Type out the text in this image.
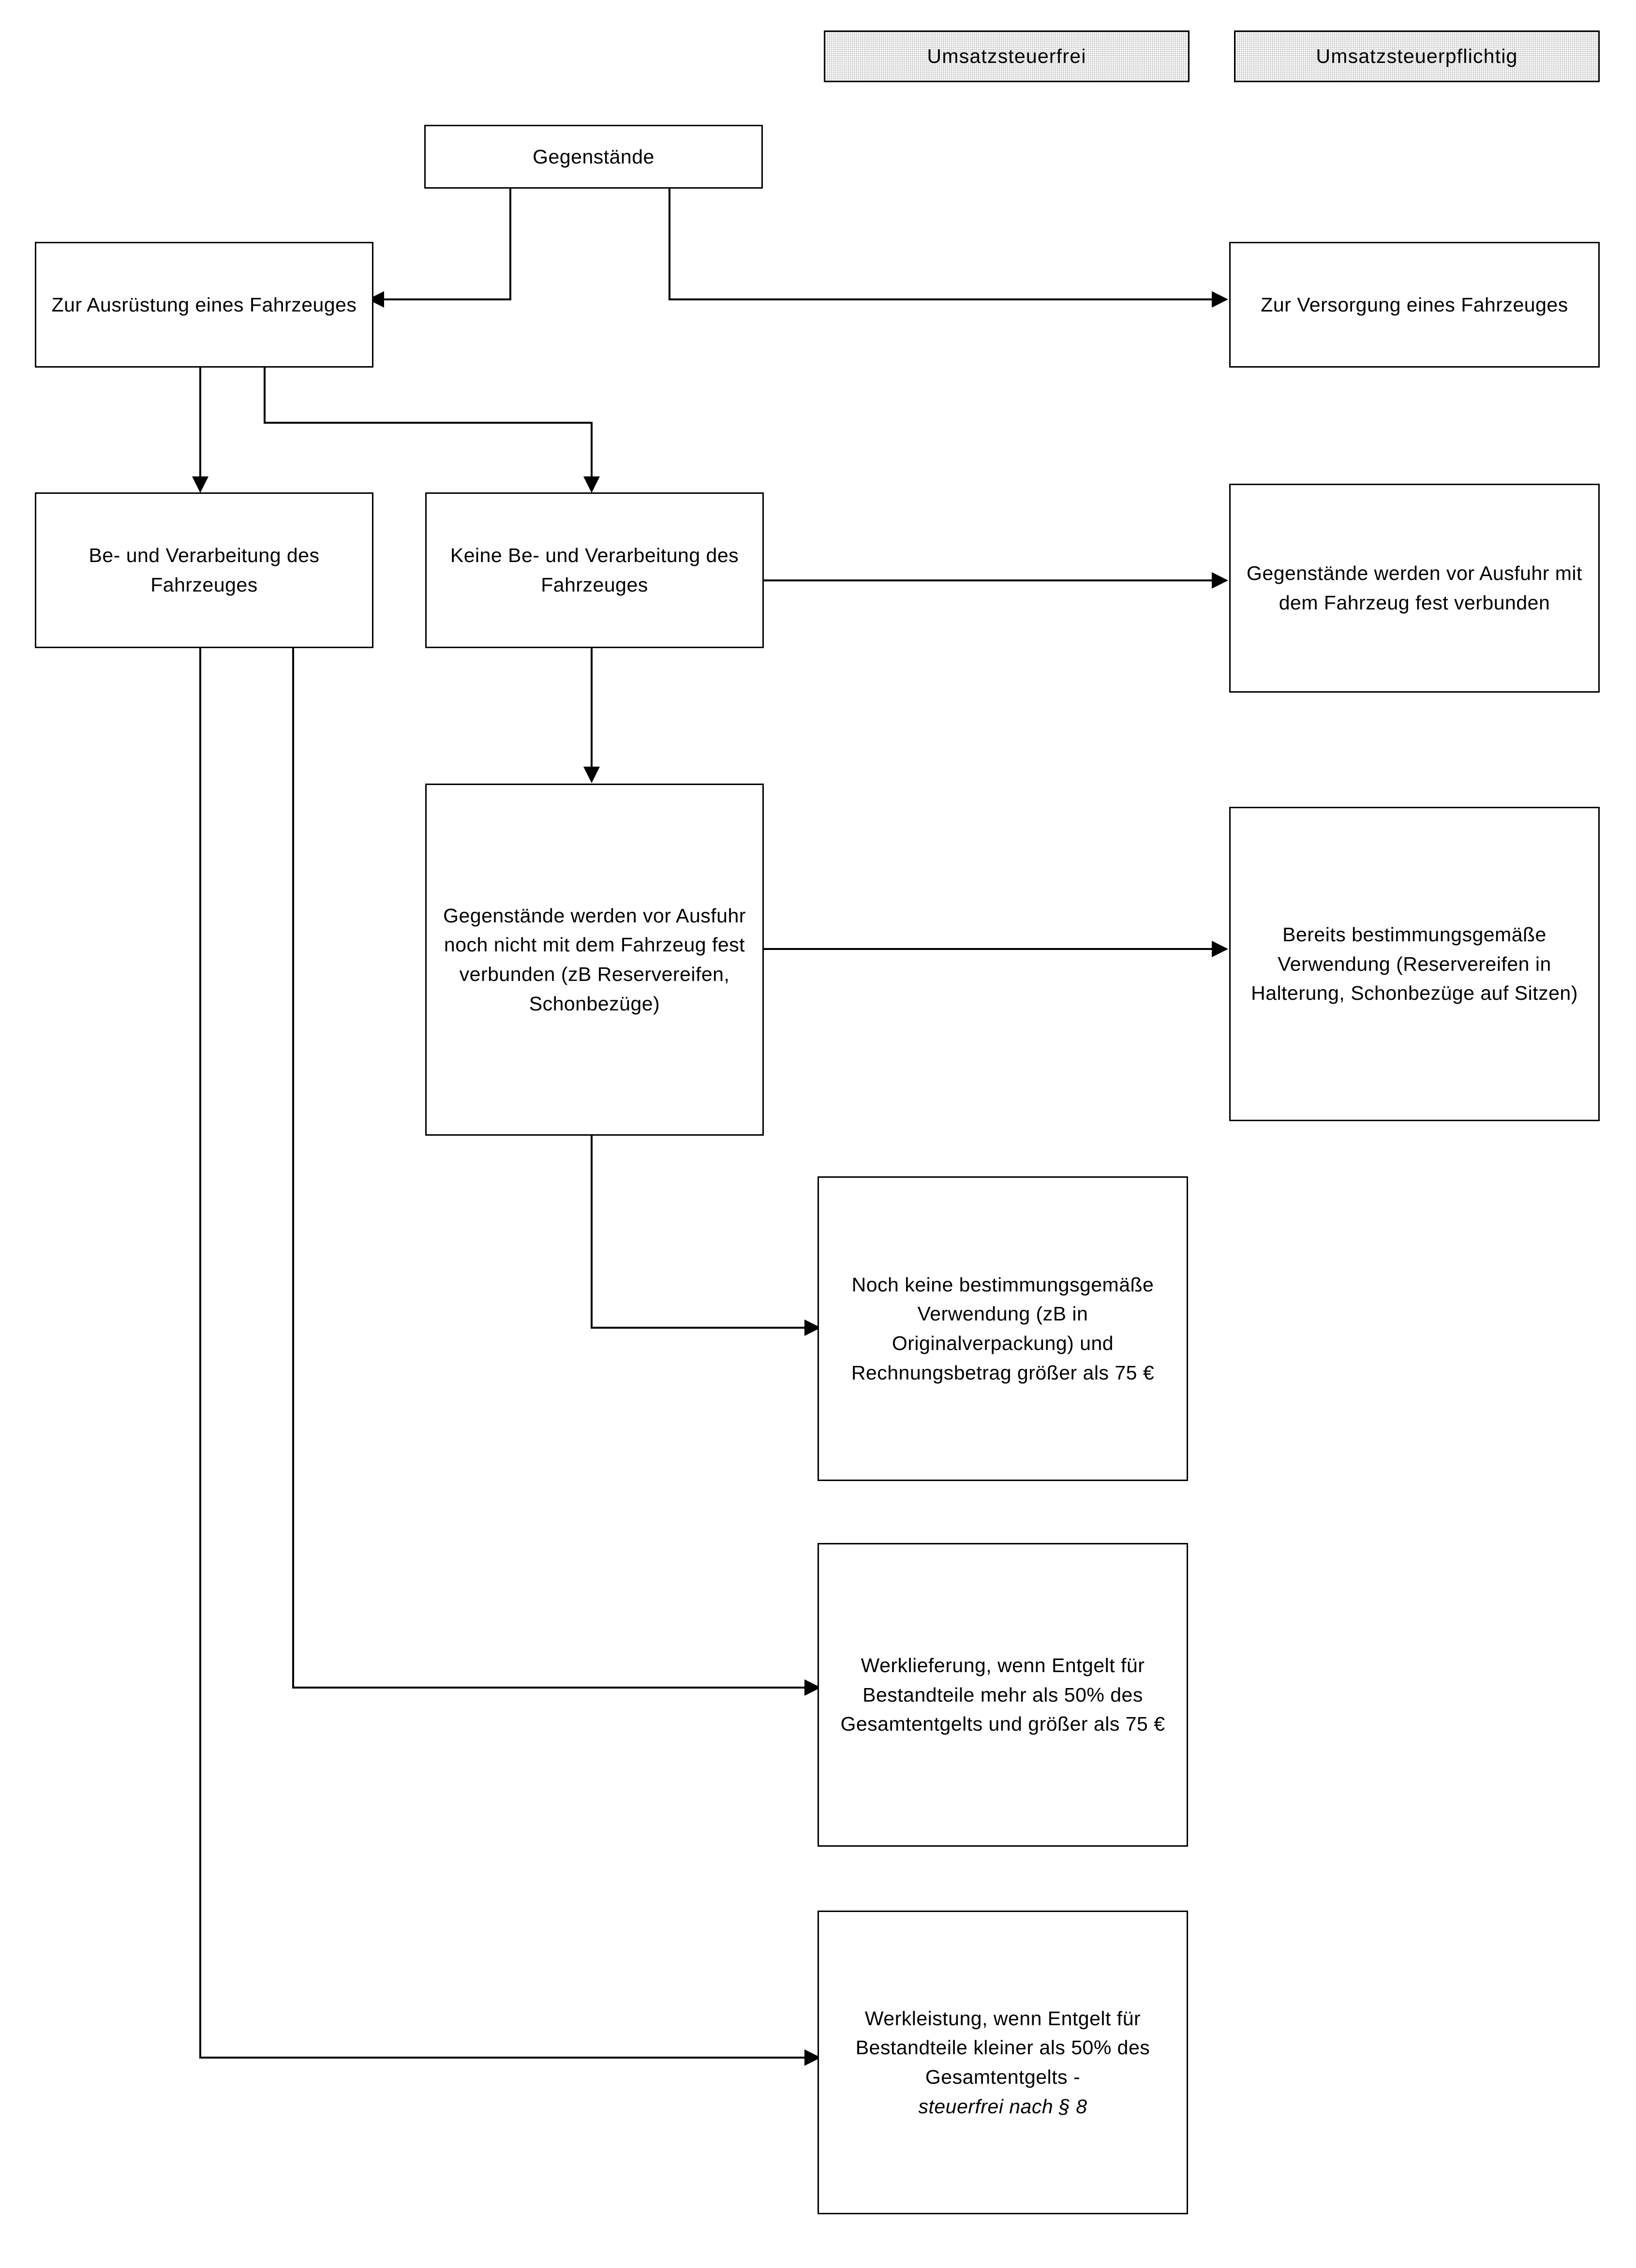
Umsatzsteuerfrei	Umsatzsteuerpflichtig
Gegenstände
Zur Ausrüstung eines Fahrzeuges	Zur Versorgung eines Fahrzeuges
Be- und Verarbeitung des Fahrzeuges
Keine Be- und Verarbeitung des Fahrzeuges
Gegenstände werden vor Ausfuhr mit dem Fahrzeug fest verbunden
Gegenstände werden vor Ausfuhr noch nicht mit dem Fahrzeug fest verbunden (zB Reservereifen, Schonbezüge)
Bereits bestimmungsgemäße Verwendung (Reservereifen in Halterung, Schonbezüge auf Sitzen)
Noch keine bestimmungsgemäße Verwendung (zB in Originalverpackung) und Rechnungsbetrag größer als 75 €
Werklieferung, wenn Entgelt für Bestandteile mehr als 50% des Gesamtentgelts und größer als 75 €
Werkleistung, wenn Entgelt für Bestandteile kleiner als 50% des Gesamtentgelts -
steuerfrei nach § 8
